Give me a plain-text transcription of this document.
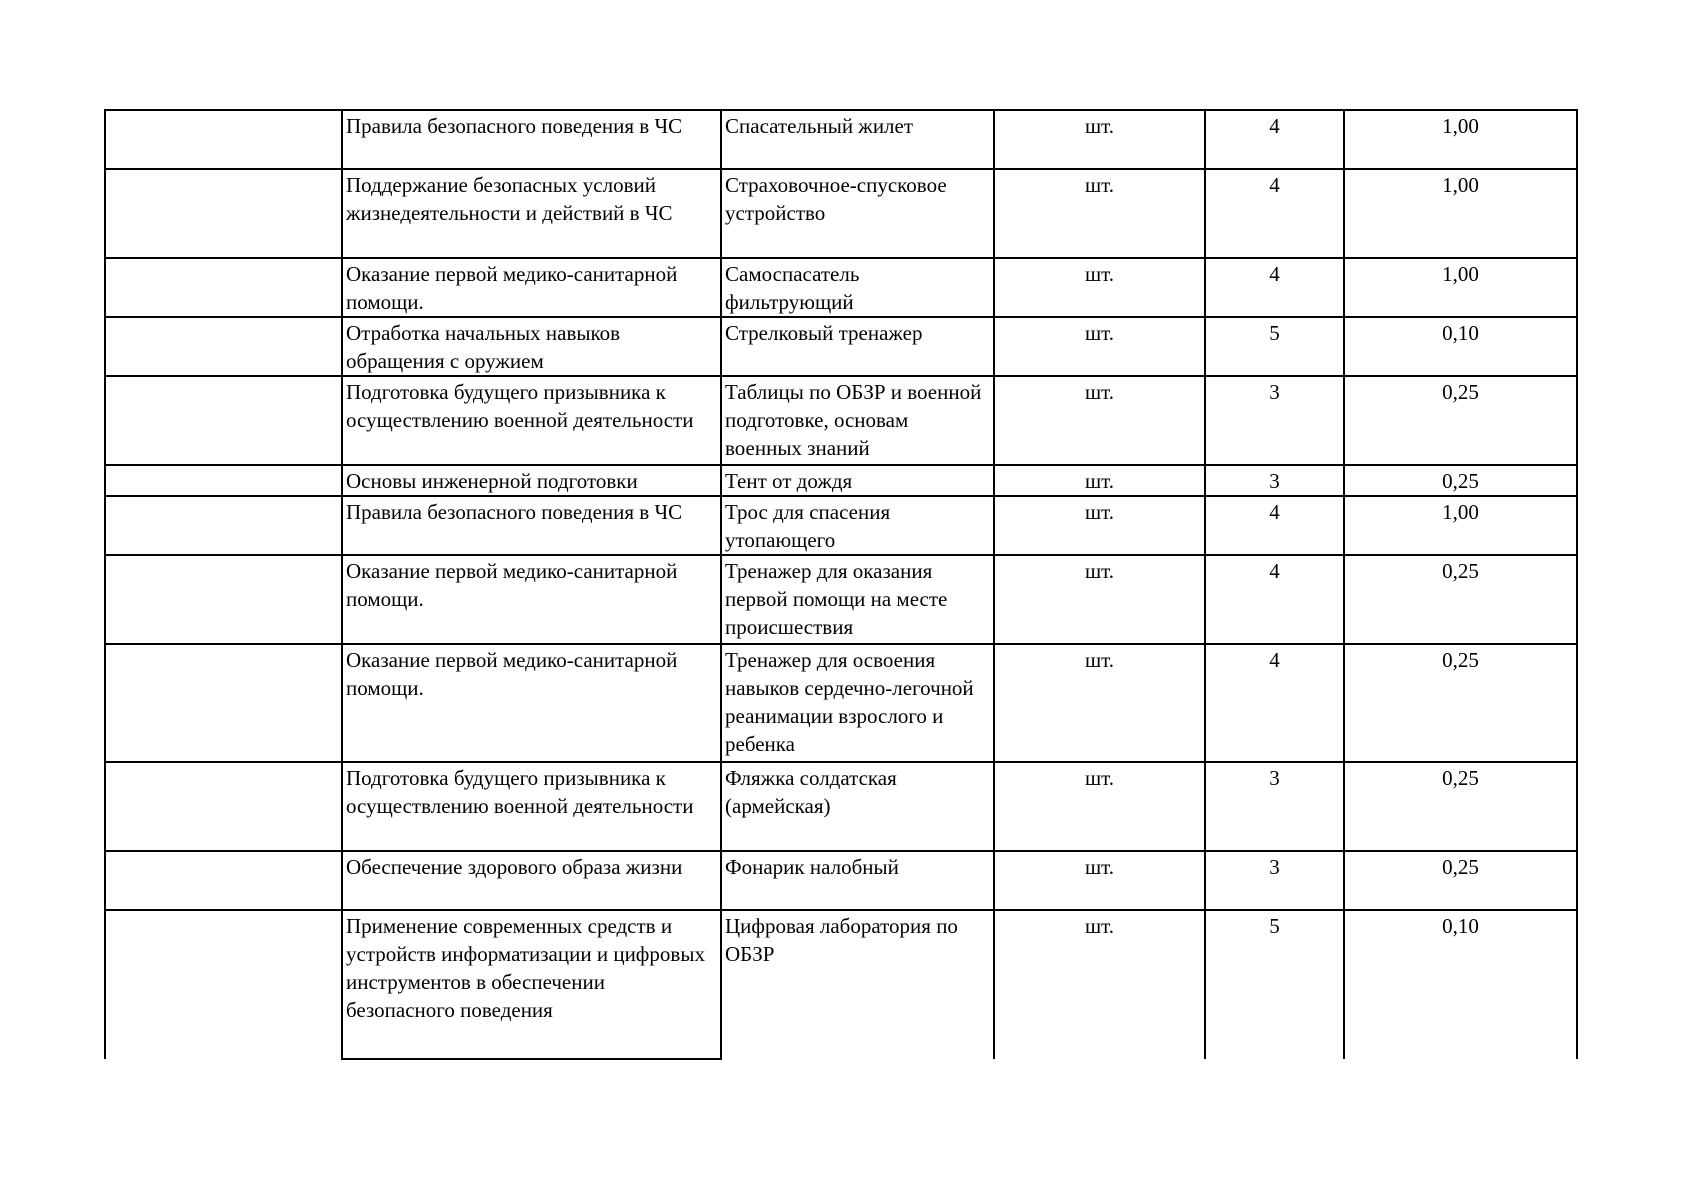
	Правила безопасного поведения в ЧС	Спасательный жилет	шт.	4	1,00
	Поддержание безопасных условий жизнедеятельности и действий в ЧС	Страховочное-спусковое устройство	шт.	4	1,00
	Оказание первой медико-санитарной помощи.	Самоспасатель фильтрующий	шт.	4	1,00
	Отработка начальных навыков обращения с оружием	Стрелковый тренажер	шт.	5	0,10
	Подготовка будущего призывника к осуществлению военной деятельности	Таблицы по ОБЗР и военной подготовке, основам военных знаний	шт.	3	0,25
	Основы инженерной подготовки	Тент от дождя	шт.	3	0,25
	Правила безопасного поведения в ЧС	Трос для спасения утопающего	шт.	4	1,00
	Оказание первой медико-санитарной помощи.	Тренажер для оказания первой помощи на месте происшествия	шт.	4	0,25
	Оказание первой медико-санитарной помощи.	Тренажер для освоения навыков сердечно-легочной реанимации взрослого и ребенка	шт.	4	0,25
	Подготовка будущего призывника к осуществлению военной деятельности	Фляжка солдатская (армейская)	шт.	3	0,25
	Обеспечение здорового образа жизни	Фонарик налобный	шт.	3	0,25
	Применение современных средств и устройств информатизации и цифровых инструментов в обеспечении безопасного поведения	Цифровая лаборатория по ОБЗР	шт.	5	0,10
